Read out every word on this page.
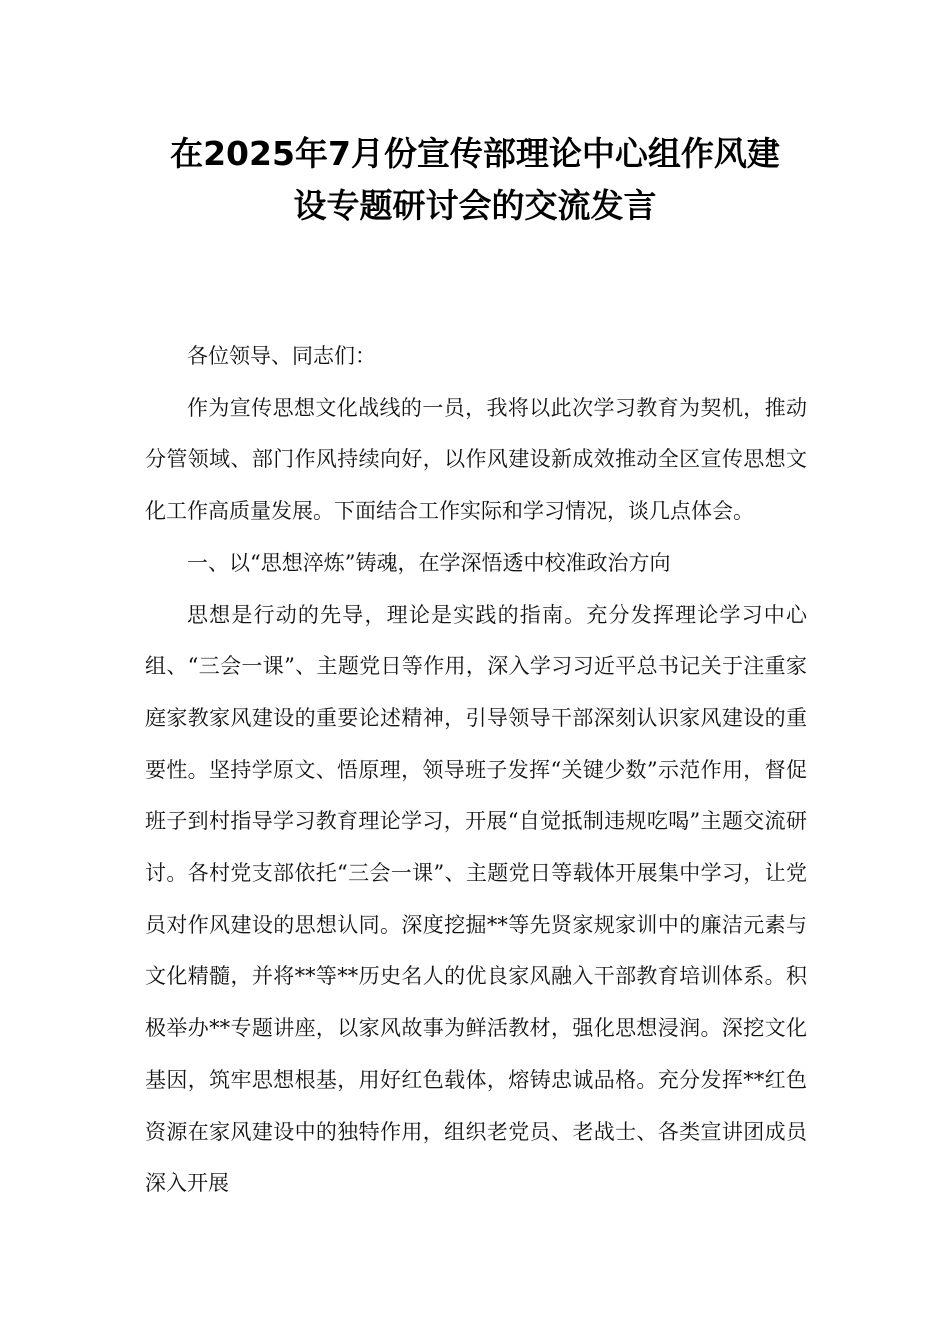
在2025年7月份宣传部理论中心组作风建
设专题研讨会的交流发言

各位领导、同志们：

作为宣传思想文化战线的一员，我将以此次学习教育为契机，推动分管领域、部门作风持续向好，以作风建设新成效推动全区宣传思想文化工作高质量发展。下面结合工作实际和学习情况，谈几点体会。

一、以“思想淬炼”铸魂，在学深悟透中校准政治方向

思想是行动的先导，理论是实践的指南。充分发挥理论学习中心组、“三会一课”、主题党日等作用，深入学习习近平总书记关于注重家庭家教家风建设的重要论述精神，引导领导干部深刻认识家风建设的重要性。坚持学原文、悟原理，领导班子发挥“关键少数”示范作用，督促班子到村指导学习教育理论学习，开展“自觉抵制违规吃喝”主题交流研讨。各村党支部依托“三会一课”、主题党日等载体开展集中学习，让党员对作风建设的思想认同。深度挖掘**等先贤家规家训中的廉洁元素与文化精髓，并将**等**历史名人的优良家风融入干部教育培训体系。积极举办**专题讲座，以家风故事为鲜活教材，强化思想浸润。深挖文化基因，筑牢思想根基，用好红色载体，熔铸忠诚品格。充分发挥**红色资源在家风建设中的独特作用，组织老党员、老战士、各类宣讲团成员深入开展
